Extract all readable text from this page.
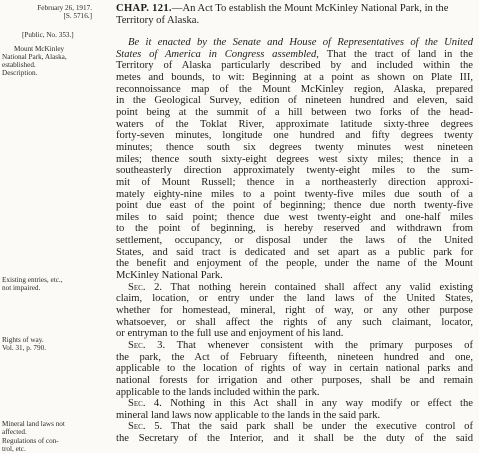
February 26, 1917.
[S. 5716.]
[Public, No. 353.]
Mount McKinley
National Park, Alaska,
established.
Description.
Existing entries, etc.,
not impaired.
Rights of way.
Vol. 31, p. 790.
Mineral land laws not
affected.
Regulations of con-
trol, etc.
CHAP. 121.—An Act To establish the Mount McKinley National Park, in the
Territory of Alaska.
Be it enacted by the Senate and House of Representatives of the United
States of America in Congress assembled, That the tract of land in the
Territory of Alaska particularly described by and included within the
metes and bounds, to wit: Beginning at a point as shown on Plate III,
reconnoissance map of the Mount McKinley region, Alaska, prepared
in the Geological Survey, edition of nineteen hundred and eleven, said
point being at the summit of a hill between two forks of the head-
waters of the Toklat River, approximate latitude sixty-three degrees
forty-seven minutes, longitude one hundred and fifty degrees twenty
minutes; thence south six degrees twenty minutes west nineteen
miles; thence south sixty-eight degrees west sixty miles; thence in a
southeasterly direction approximately twenty-eight miles to the sum-
mit of Mount Russell; thence in a northeasterly direction approxi-
mately eighty-nine miles to a point twenty-five miles due south of a
point due east of the point of beginning; thence due north twenty-five
miles to said point; thence due west twenty-eight and one-half miles
to the point of beginning, is hereby reserved and withdrawn from
settlement, occupancy, or disposal under the laws of the United
States, and said tract is dedicated and set apart as a public park for
the benefit and enjoyment of the people, under the name of the Mount
McKinley National Park.
Sec. 2. That nothing herein contained shall affect any valid existing
claim, location, or entry under the land laws of the United States,
whether for homestead, mineral, right of way, or any other purpose
whatsoever, or shall affect the rights of any such claimant, locator,
or entryman to the full use and enjoyment of his land.
Sec. 3. That whenever consistent with the primary purposes of
the park, the Act of February fifteenth, nineteen hundred and one,
applicable to the location of rights of way in certain national parks and
national forests for irrigation and other purposes, shall be and remain
applicable to the lands included within the park.
Sec. 4. Nothing in this Act shall in any way modify or effect the
mineral land laws now applicable to the lands in the said park.
Sec. 5. That the said park shall be under the executive control of
the Secretary of the Interior, and it shall be the duty of the said
